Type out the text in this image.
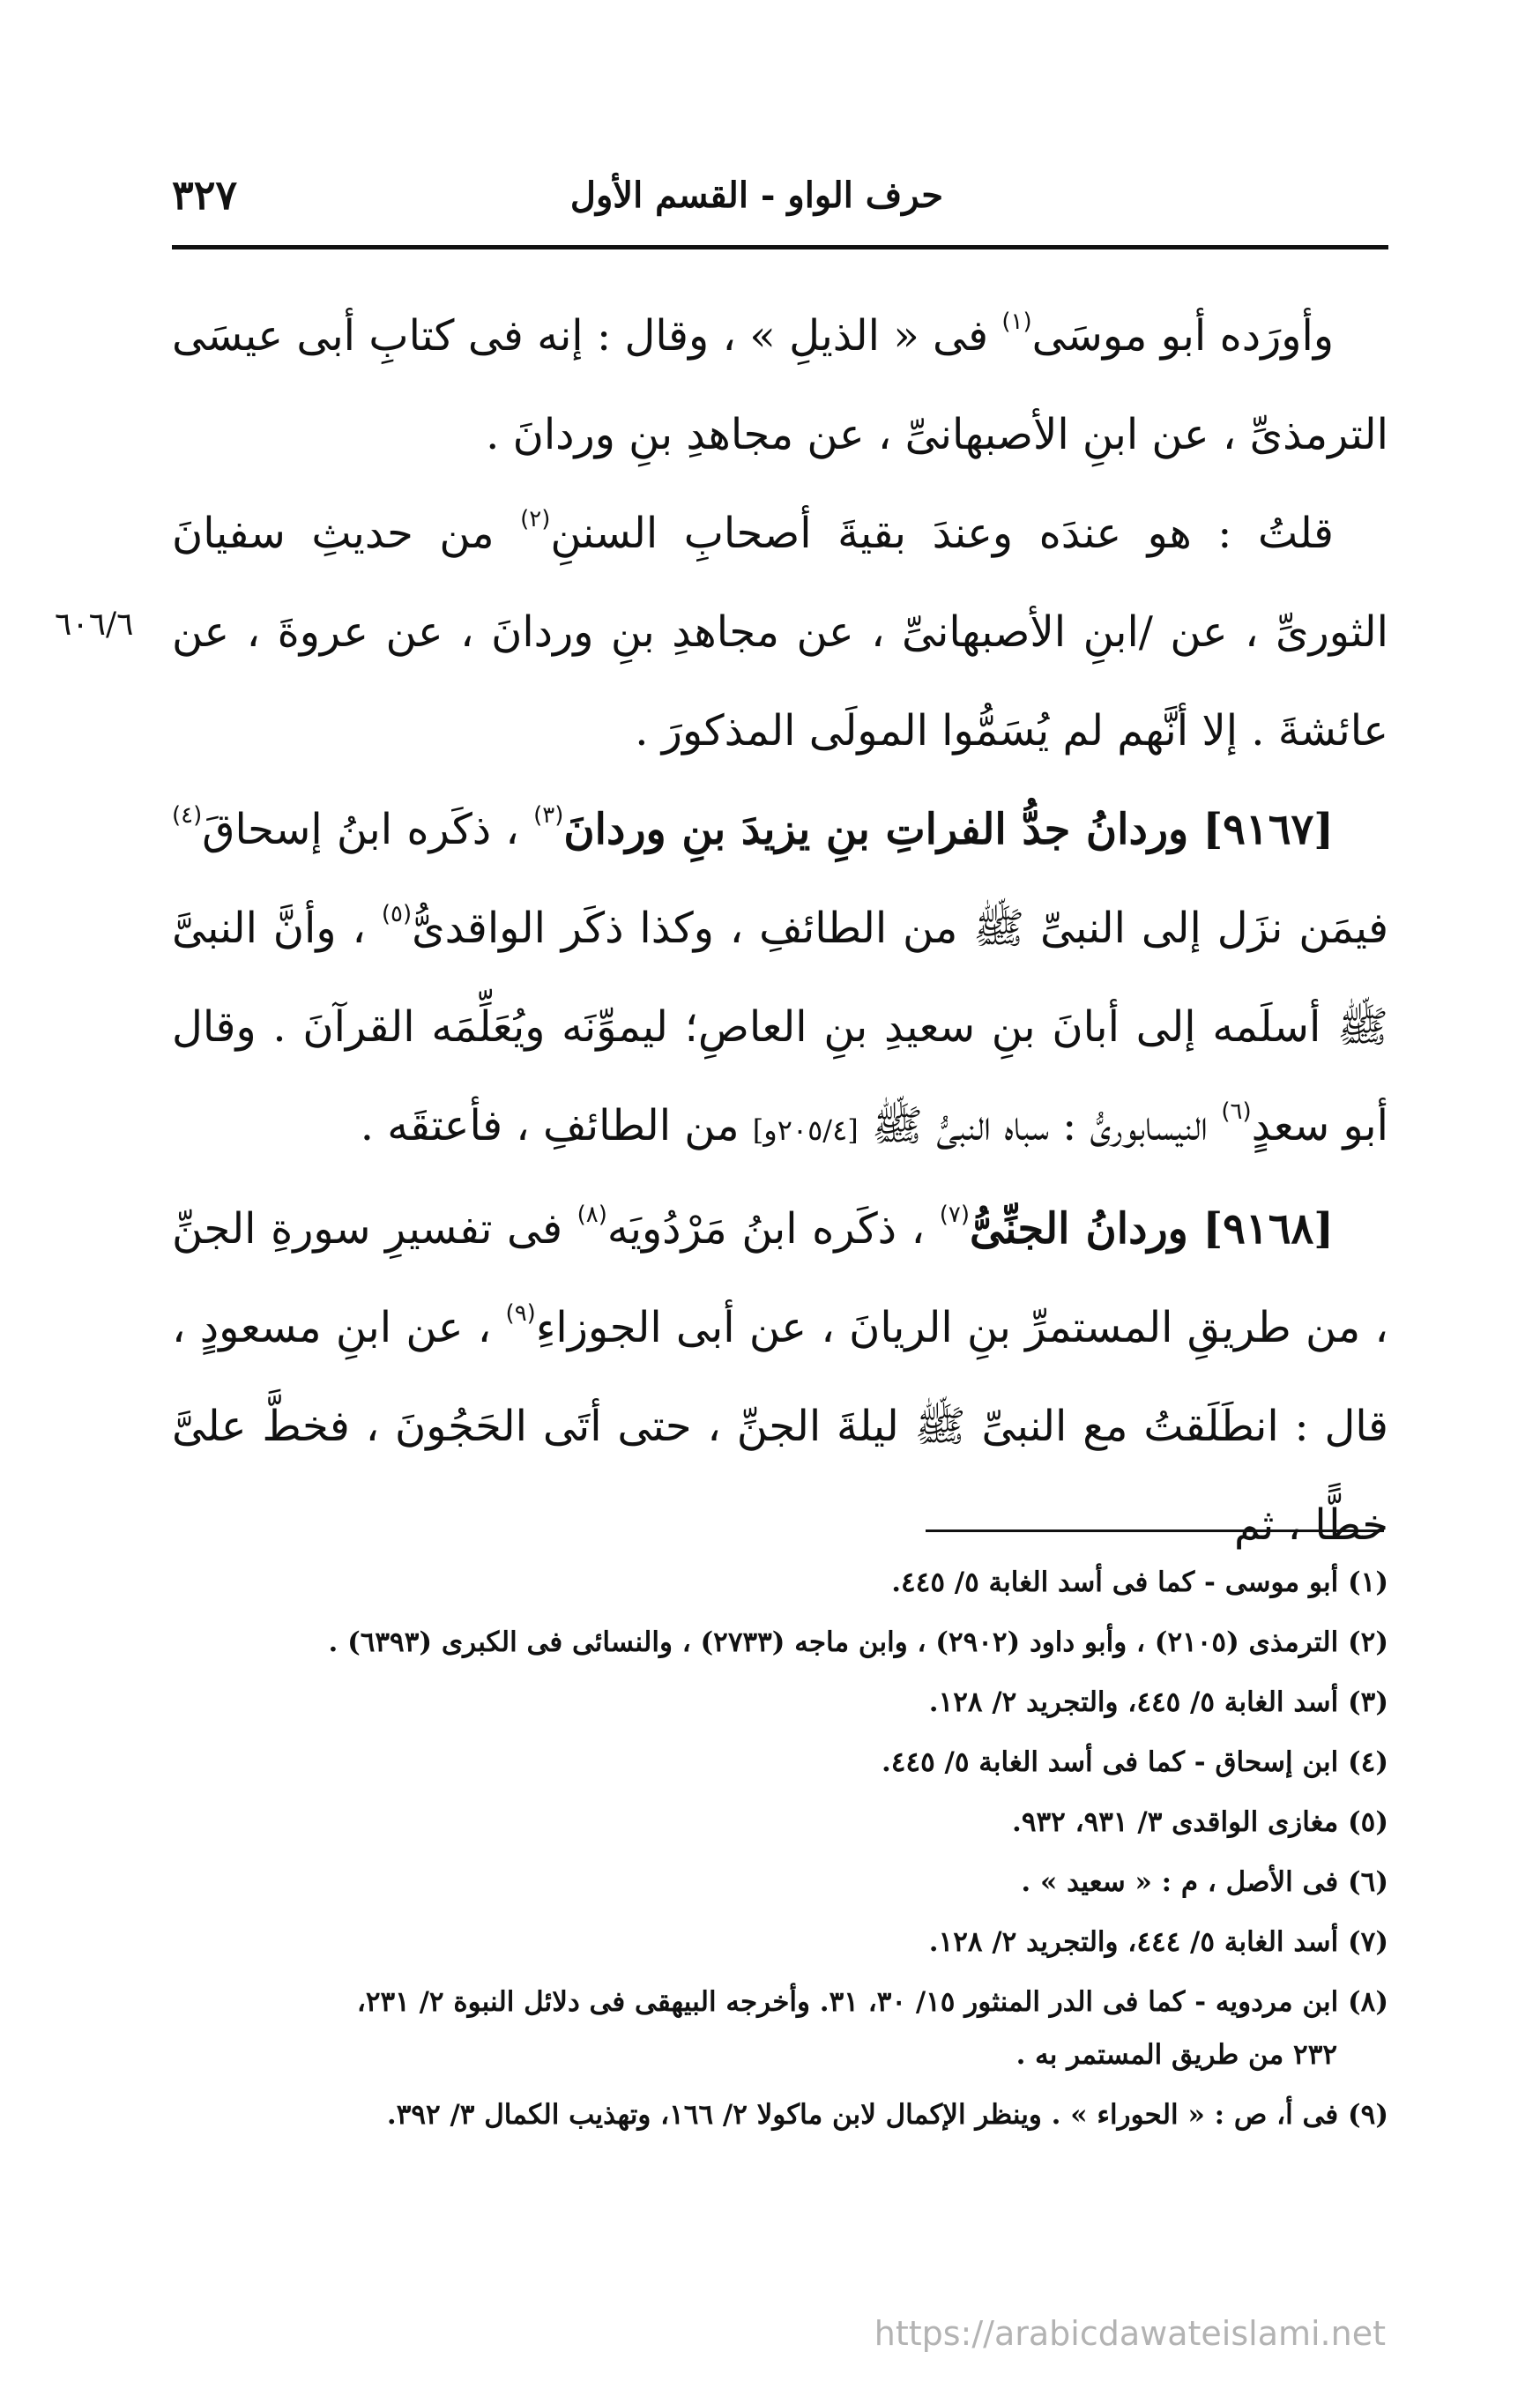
حرف الواو - القسم الأول
٣٢٧

وأورَده أبو موسَى$^{(١)}$ فى « الذيلِ » ، وقال : إنه فى كتابِ أبى عيسَى الترمذىِّ ، عن ابنِ الأصبهانىِّ ، عن مجاهدِ بنِ وردانَ .

قلتُ : هو عندَه وعندَ بقيةَ أصحابِ السننِ$^{(٢)}$ من حديثِ سفيانَ الثورىِّ ، عن /ابنِ الأصبهانىِّ ، عن مجاهدِ بنِ وردانَ ، عن عروةَ ، عن عائشةَ . إلا أنَّهم لم يُسَمُّوا المولَى المذكورَ .

[٩١٦٧] وردانُ جدُّ الفراتِ بنِ يزيدَ بنِ وردانَ$^{(٣)}$ ، ذكَره ابنُ إسحاقَ$^{(٤)}$ فيمَن نزَل إلى النبىِّ ﷺ من الطائفِ ، وكذا ذكَر الواقدىُّ$^{(٥)}$ ، وأنَّ النبىَّ ﷺ أسلَمه إلى أبانَ بنِ سعيدِ بنِ العاصِ؛ ليموِّنَه ويُعَلِّمَه القرآنَ . وقال أبو سعدٍ$^{(٦)}$ النيسابورىُّ : سباه النبىُّ ﷺ [٢٠٥/٤و] من الطائفِ ، فأعتقَه .

[٩١٦٨] وردانُ الجنِّىُّ$^{(٧)}$ ، ذكَره ابنُ مَرْدُويَه$^{(٨)}$ فى تفسيرِ سورةِ الجنِّ ، من طريقِ المستمرِّ بنِ الريانَ ، عن أبى الجوزاءِ$^{(٩)}$ ، عن ابنِ مسعودٍ ، قال : انطَلَقتُ مع النبىِّ ﷺ ليلةَ الجنِّ ، حتى أتَى الحَجُونَ ، فخطَّ علىَّ خطًّا ، ثم

٦٠٦/٦

(١) أبو موسى - كما فى أسد الغابة ٥/ ٤٤٥.

(٢) الترمذى (٢١٠٥) ، وأبو داود (٢٩٠٢) ، وابن ماجه (٢٧٣٣) ، والنسائى فى الكبرى (٦٣٩٣) .

(٣) أسد الغابة ٥/ ٤٤٥، والتجريد ٢/ ١٢٨.

(٤) ابن إسحاق - كما فى أسد الغابة ٥/ ٤٤٥.

(٥) مغازى الواقدى ٣/ ٩٣١، ٩٣٢.

(٦) فى الأصل ، م : « سعيد » .

(٧) أسد الغابة ٥/ ٤٤٤، والتجريد ٢/ ١٢٨.

(٨) ابن مردويه - كما فى الدر المنثور ١٥/ ٣٠، ٣١. وأخرجه البيهقى فى دلائل النبوة ٢/ ٢٣١،
٢٣٢ من طريق المستمر به .

(٩) فى أ، ص : « الحوراء » . وينظر الإكمال لابن ماكولا ٢/ ١٦٦، وتهذيب الكمال ٣/ ٣٩٢.

https://arabicdawateislami.net
